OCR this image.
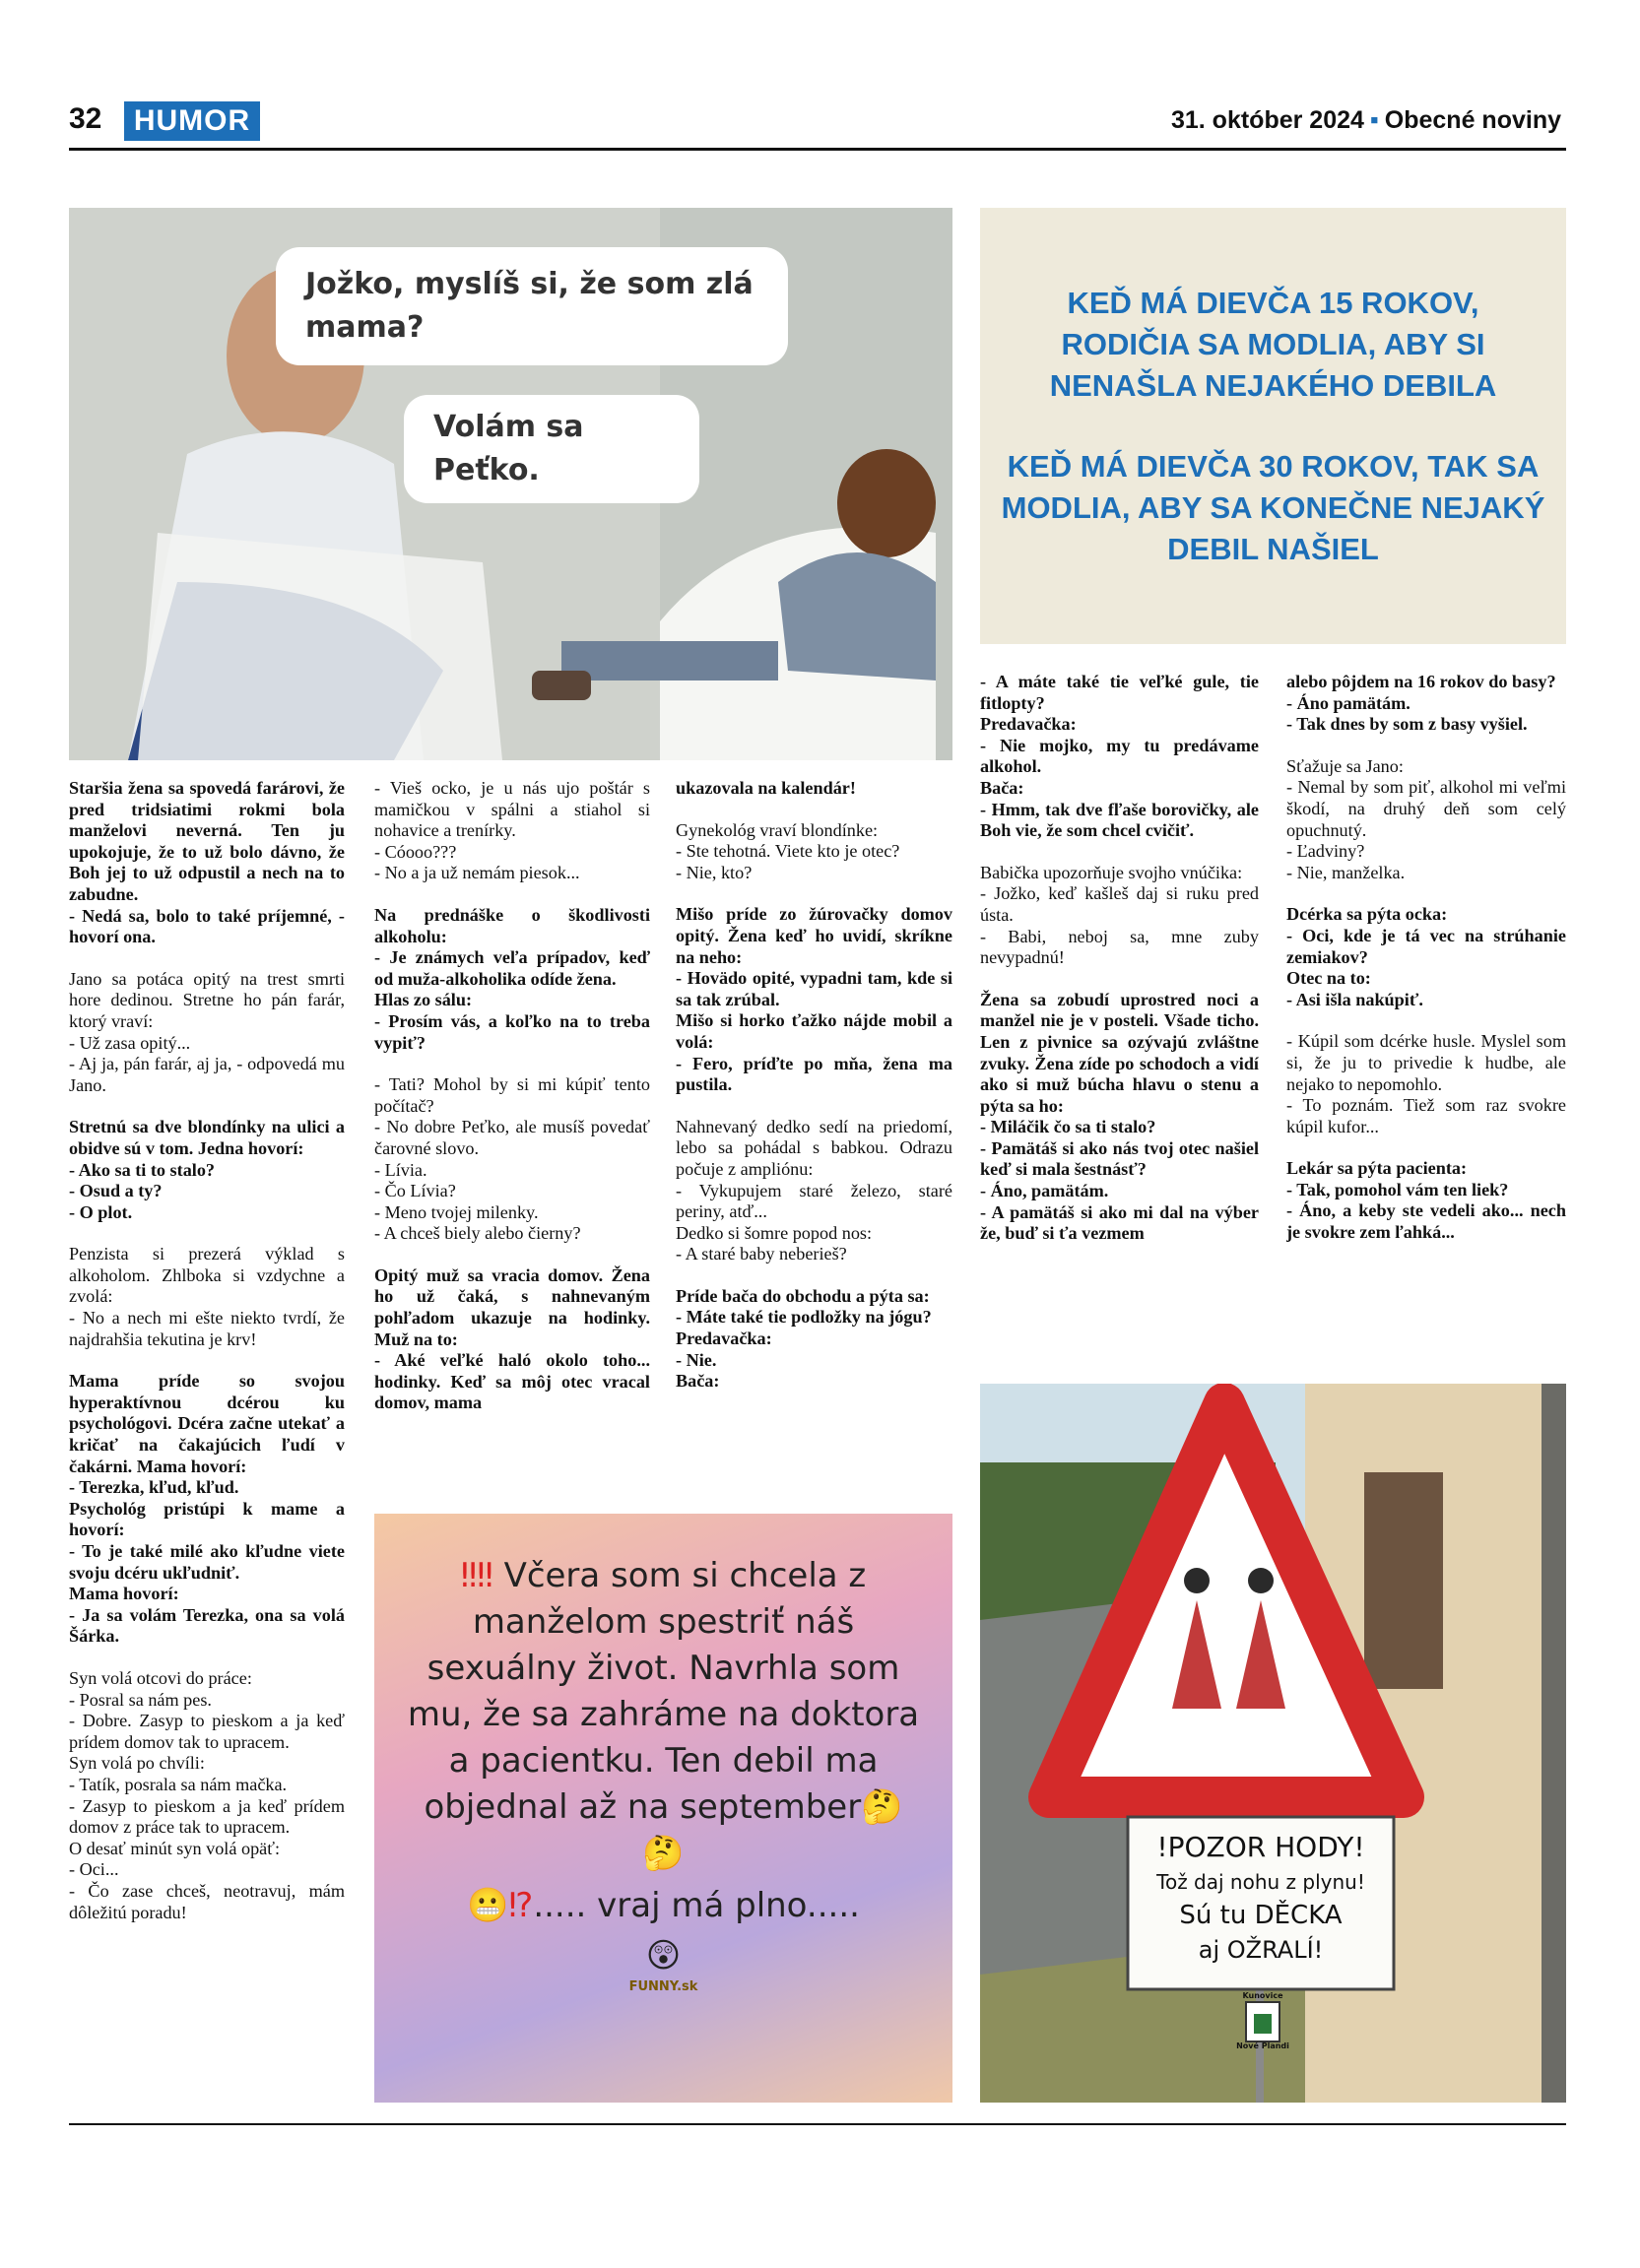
32	HUMOR	31. október 2024 ▪ Obecné noviny
Jožko, myslíš si, že som zlá mama?
Volám sa Peťko.
KEĎ MÁ DIEVČA 15 ROKOV, RODIČIA SA MODLIA, ABY SI NENAŠLA NEJAKÉHO DEBILA
KEĎ MÁ DIEVČA 30 ROKOV, TAK SA MODLIA, ABY SA KONEČNE NEJAKÝ DEBIL NAŠIEL

Staršia žena sa spovedá farárovi, že pred tridsiatimi rokmi bola manželovi neverná. Ten ju upokojuje, že to už bolo dávno, že Boh jej to už odpustil a nech na to zabudne.
- Nedá sa, bolo to také príjemné, - hovorí ona.

Jano sa potáca opitý na trest smrti hore dedinou. Stretne ho pán farár, ktorý vraví:
- Už zasa opitý...
- Aj ja, pán farár, aj ja, - odpovedá mu Jano.

Stretnú sa dve blondínky na ulici a obidve sú v tom. Jedna hovorí:
- Ako sa ti to stalo?
- Osud a ty?
- O plot.

Penzista si prezerá výklad s alkoholom. Zhlboka si vzdychne a zvolá:
- No a nech mi ešte niekto tvrdí, že najdrahšia tekutina je krv!

Mama príde so svojou hyperaktívnou dcérou ku psychológovi. Dcéra začne utekať a kričať na čakajúcich ľudí v čakárni. Mama hovorí:
- Terezka, kľud, kľud.
Psychológ pristúpi k mame a hovorí:
- To je také milé ako kľudne viete svoju dcéru ukľudniť.
Mama hovorí:
- Ja sa volám Terezka, ona sa volá Šárka.

Syn volá otcovi do práce:
- Posral sa nám pes.
- Dobre. Zasyp to pieskom a ja keď prídem domov tak to upracem.
Syn volá po chvíli:
- Tatík, posrala sa nám mačka.
- Zasyp to pieskom a ja keď prídem domov z práce tak to upracem.
O desať minút syn volá opäť:
- Oci...
- Čo zase chceš, neotravuj, mám dôležitú poradu!

- Vieš ocko, je u nás ujo poštár s mamičkou v spálni a stiahol si nohavice a trenírky.
- Cóooo???
- No a ja už nemám piesok...

Na prednáške o škodlivosti alkoholu:
- Je známych veľa prípadov, keď od muža-alkoholika odíde žena.
Hlas zo sálu:
- Prosím vás, a koľko na to treba vypiť?

- Tati? Mohol by si mi kúpiť tento počítač?
- No dobre Peťko, ale musíš povedať čarovné slovo.
- Lívia.
- Čo Lívia?
- Meno tvojej milenky.
- A chceš biely alebo čierny?

Opitý muž sa vracia domov. Žena ho už čaká, s nahnevaným pohľadom ukazuje na hodinky. Muž na to:
- Aké veľké haló okolo toho... hodinky. Keď sa môj otec vracal domov, mama

ukazovala na kalendár!

Gynekológ vraví blondínke:
- Ste tehotná. Viete kto je otec?
- Nie, kto?

Mišo príde zo žúrovačky domov opitý. Žena keď ho uvidí, skríkne na neho:
- Hovädo opité, vypadni tam, kde si sa tak zrúbal.
Mišo si horko ťažko nájde mobil a volá:
- Fero, príďte po mňa, žena ma pustila.

Nahnevaný dedko sedí na priedomí, lebo sa pohádal s babkou. Odrazu počuje z ampliónu:
- Vykupujem staré železo, staré periny, atď...
Dedko si šomre popod nos:
- A staré baby neberieš?

Príde bača do obchodu a pýta sa:
- Máte také tie podložky na jógu?
Predavačka:
- Nie.
Bača:

- A máte také tie veľké gule, tie fitlopty?
Predavačka:
- Nie mojko, my tu predávame alkohol.
Bača:
- Hmm, tak dve fľaše borovičky, ale Boh vie, že som chcel cvičiť.

Babička upozorňuje svojho vnúčika:
- Jožko, keď kašleš daj si ruku pred ústa.
- Babi, neboj sa, mne zuby nevypadnú!

Žena sa zobudí uprostred noci a manžel nie je v posteli. Všade ticho. Len z pivnice sa ozývajú zvláštne zvuky. Žena zíde po schodoch a vidí ako si muž búcha hlavu o stenu a pýta sa ho:
- Miláčik čo sa ti stalo?
- Pamätáš si ako nás tvoj otec našiel keď si mala šestnásť?
- Áno, pamätám.
- A pamätáš si ako mi dal na výber že, buď si ťa vezmem

alebo pôjdem na 16 rokov do basy?
- Áno pamätám.
- Tak dnes by som z basy vyšiel.

Sťažuje sa Jano:
- Nemal by som piť, alkohol mi veľmi škodí, na druhý deň som celý opuchnutý.
- Ľadviny?
- Nie, manželka.

Dcérka sa pýta ocka:
- Oci, kde je tá vec na strúhanie zemiakov?
Otec na to:
- Asi išla nakúpiť.

- Kúpil som dcérke husle. Myslel som si, že ju to privedie k hudbe, ale nejako to nepomohlo.
- To poznám. Tiež som raz svokre kúpil kufor...

Lekár sa pýta pacienta:
- Tak, pomohol vám ten liek?
- Áno, a keby ste vedeli ako... nech je svokre zem ľahká...

‼‼ Včera som si chcela z manželom spestriť náš sexuálny život. Navrhla som mu, že sa zahráme na doktora a pacientku. Ten debil ma objednal až na september🤔🤔
😬⁉..... vraj má plno.....
😲
FUNNY.sk
!POZOR HODY!
Tož daj nohu z plynu!
Sú tu DĚCKA
aj OŽRALÍ!
Kunovice
Nové Plandi
